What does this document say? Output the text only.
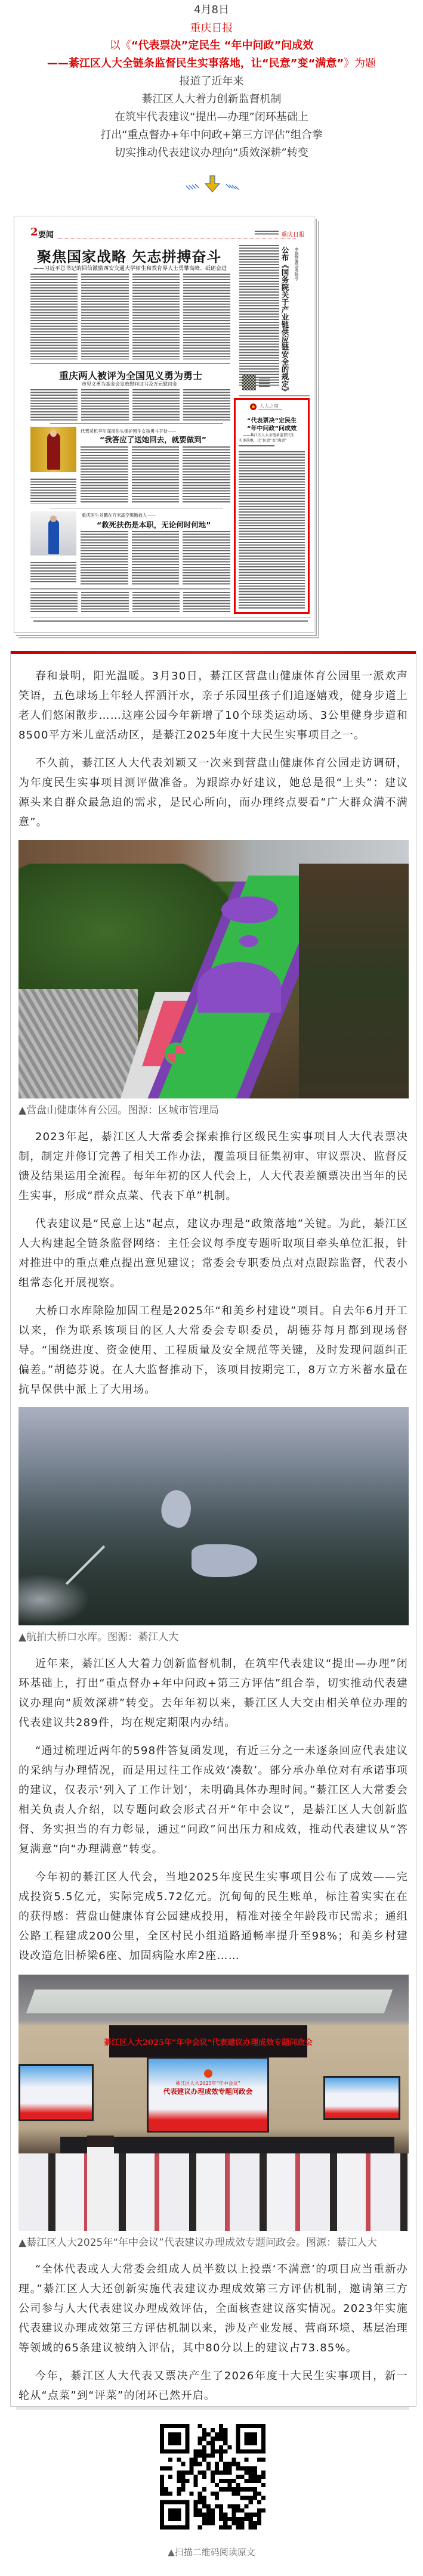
4月8日
重庆日报
以《“代表票决”定民生 “年中问政”问成效
——綦江区人大全链条监督民生实事落地，让“民意”变“满意”》为题
报道了近年来
綦江区人大着力创新监督机制
在筑牢代表建议“提出—办理”闭环基础上
打出“重点督办+年中问政+第三方评估”组合拳
切实推动代表建议办理向“质效深耕”转变
2 要闻	重庆日报
聚焦国家战略 矢志拼搏奋斗
——习近平总书记的回信激励西安交通大学师生和教育界人士勇攀高峰、砥砺奋进
重庆两人被评为全国见义勇为勇士
市见义勇为基金会发放慰问证书及万元慰问金
代驾司机李川深夜伤头保护留生女孩勇斗歹徒——
“我答应了送她回去，就要做到”
重庆医生刘鹏在万米高空果断救人——
“救死扶伤是本职，无论何时何地”
公布《国务院关于产业链供应链安全的规定》 李强签署国务院令
人大之窗
“代表票决”定民生
“年中问政”问成效
——綦江区人大全链条监督民生
实事落地，让“民意”变“满意”

春和景明，阳光温暖。3月30日，綦江区营盘山健康体育公园里一派欢声笑语，五色球场上年轻人挥洒汗水，亲子乐园里孩子们追逐嬉戏，健身步道上老人们悠闲散步……这座公园今年新增了10个球类运动场、3公里健身步道和8500平方米儿童活动区，是綦江2025年度十大民生实事项目之一。

不久前，綦江区人大代表刘颖又一次来到营盘山健康体育公园走访调研，为年度民生实事项目测评做准备。为跟踪办好建议，她总是很“上头”：建议源头来自群众最急迫的需求，是民心所向，而办理终点要看“广大群众满不满意”。

▲营盘山健康体育公园。图源：区城市管理局

2023年起，綦江区人大常委会探索推行区级民生实事项目人大代表票决制，制定并修订完善了相关工作办法，覆盖项目征集初审、审议票决、监督反馈及结果运用全流程。每年年初的区人代会上，人大代表差额票决出当年的民生实事，形成“群众点菜、代表下单”机制。

代表建议是“民意上达”起点，建议办理是“政策落地”关键。为此，綦江区人大构建起全链条监督网络：主任会议每季度专题听取项目牵头单位汇报，针对推进中的重点难点提出意见建议；常委会专职委员点对点跟踪监督，代表小组常态化开展视察。

大桥口水库除险加固工程是2025年“和美乡村建设”项目。自去年6月开工以来，作为联系该项目的区人大常委会专职委员，胡德芬每月都到现场督导。“围绕进度、资金使用、工程质量及安全规范等关键，及时发现问题纠正偏差。”胡德芬说。在人大监督推动下，该项目按期完工，8万立方米蓄水量在抗旱保供中派上了大用场。

▲航拍大桥口水库。图源：綦江人大

近年来，綦江区人大着力创新监督机制，在筑牢代表建议“提出—办理”闭环基础上，打出“重点督办+年中问政+第三方评估”组合拳，切实推动代表建议办理向“质效深耕”转变。去年年初以来，綦江区人大交由相关单位办理的代表建议共289件，均在规定期限内办结。

“通过梳理近两年的598件答复函发现，有近三分之一未逐条回应代表建议的采纳与办理情况，而是用过往工作成效‘凑数’。部分承办单位对有承诺事项的建议，仅表示‘列入了工作计划’，未明确具体办理时间。”綦江区人大常委会相关负责人介绍，以专题问政会形式召开“年中会议”，是綦江区人大创新监督、务实担当的有力彰显，通过“问政”问出压力和成效，推动代表建议从“答复满意”向“办理满意”转变。

今年初的綦江区人代会，当地2025年度民生实事项目公布了成效——完成投资5.5亿元，实际完成5.72亿元。沉甸甸的民生账单，标注着实实在在的获得感：营盘山健康体育公园建成投用，精准对接全年龄段市民需求；通组公路工程建成200公里，全区村民小组道路通畅率提升至98%；和美乡村建设改造危旧桥梁6座、加固病险水库2座……

綦江区人大2025年“年中会议”代表建议办理成效专题问政会
綦江区人大2025年“年中会议”
代表建议办理成效专题问政会
▲綦江区人大2025年“年中会议”代表建议办理成效专题问政会。图源：綦江人大

“全体代表或人大常委会组成人员半数以上投票‘不满意’的项目应当重新办理。”綦江区人大还创新实施代表建议办理成效第三方评估机制，邀请第三方公司参与人大代表建议办理成效评估，全面核查建议落实情况。2023年实施代表建议办理成效第三方评估机制以来，涉及产业发展、营商环境、基层治理等领域的65条建议被纳入评估，其中80分以上的建议占73.85%。

今年，綦江区人大代表又票决产生了2026年度十大民生实事项目，新一轮从“点菜”到“评菜”的闭环已然开启。

▲扫描二维码阅读原文
